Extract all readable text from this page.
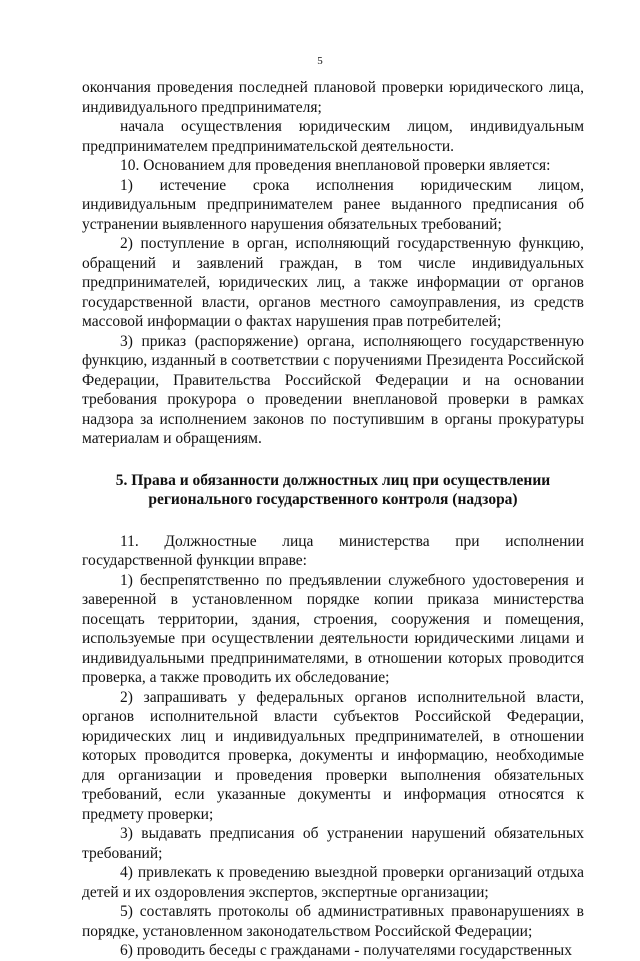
5

окончания проведения последней плановой проверки юридического лица, индивидуального предпринимателя;

начала осуществления юридическим лицом, индивидуальным предпринимателем предпринимательской деятельности.

10. Основанием для проведения внеплановой проверки является:

1) истечение срока исполнения юридическим лицом, индивидуальным предпринимателем ранее выданного предписания об устранении выявленного нарушения обязательных требований;

2) поступление в орган, исполняющий государственную функцию, обращений и заявлений граждан, в том числе индивидуальных предпринимателей, юридических лиц, а также информации от органов государственной власти, органов местного самоуправления, из средств массовой информации о фактах нарушения прав потребителей;

3) приказ (распоряжение) органа, исполняющего государственную функцию, изданный в соответствии с поручениями Президента Российской Федерации, Правительства Российской Федерации и на основании требования прокурора о проведении внеплановой проверки в рамках надзора за исполнением законов по поступившим в органы прокуратуры материалам и обращениям.

5. Права и обязанности должностных лиц при осуществлении
регионального государственного контроля (надзора)

11. Должностные лица министерства при исполнении государственной функции вправе:

1) беспрепятственно по предъявлении служебного удостоверения и заверенной в установленном порядке копии приказа министерства посещать территории, здания, строения, сооружения и помещения, используемые при осуществлении деятельности юридическими лицами и индивидуальными предпринимателями, в отношении которых проводится проверка, а также проводить их обследование;

2) запрашивать у федеральных органов исполнительной власти, органов исполнительной власти субъектов Российской Федерации, юридических лиц и индивидуальных предпринимателей, в отношении которых проводится проверка, документы и информацию, необходимые для организации и проведения проверки выполнения обязательных требований, если указанные документы и информация относятся к предмету проверки;

3) выдавать предписания об устранении нарушений обязательных требований;

4) привлекать к проведению выездной проверки организаций отдыха детей и их оздоровления экспертов, экспертные организации;

5) составлять протоколы об административных правонарушениях в порядке, установленном законодательством Российской Федерации;

6) проводить беседы с гражданами - получателями государственных
